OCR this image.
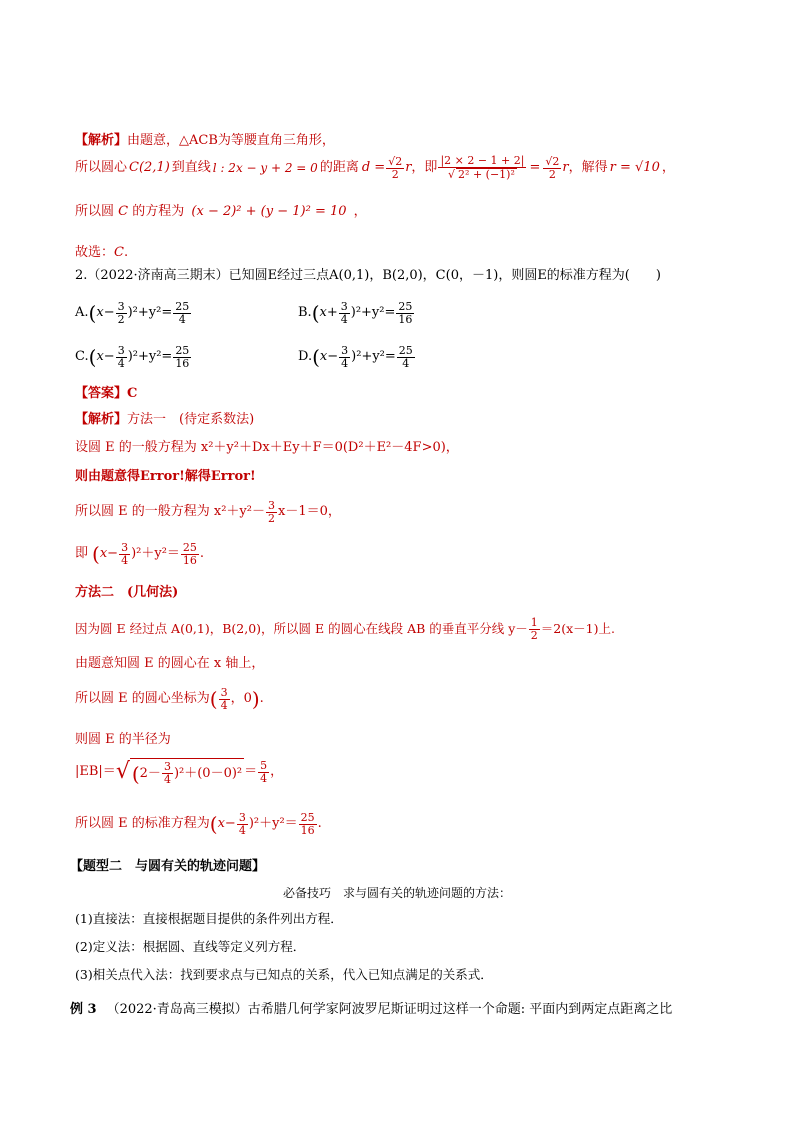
【解析】由题意，△ACB为等腰直角三角形，
所以圆心 C(2,1) 到直线 l : 2x − y + 2 = 0 的距离 $d = \frac{√2}{2}$ r ，即 $\frac{|2 \times 2 - 1 + 2|}{\text{√ 2² + (−1)²}} = \frac{√2}{2}$ r ，解得 r = √10 ，
所以圆 C 的方程为 (x − 2)² + (y − 1)² = 10 ，
故选：C.
2.（2022·济南高三期末）已知圆E经过三点A(0,1)，B(2,0)，C(0，－1)，则圆E的标准方程为(　　)
A. ( $x - \frac{3}{2} )^2+y^2= \frac{25}{4}$	B. ( $x + \frac{3}{4} )^2+y^2= \frac{25}{16}$
C. ( $x - \frac{3}{4} )^2+y^2= \frac{25}{16}$	D. ( $x - \frac{3}{4} )^2+y^2= \frac{25}{4}$
【答案】C
【解析】方法一　(待定系数法)
设圆 E 的一般方程为 x²＋y²＋Dx＋Ey＋F＝0(D²＋E²－4F>0)，
则由题意得Error!解得Error!
所以圆 E 的一般方程为 $x^2+y^2- \frac{3}{2} x-1=0$，
即 ( $x - \frac{3}{4} )^2+y^2= \frac{25}{16}$ .
方法二　(几何法)
因为圆 E 经过点 A(0,1)，B(2,0)，所以圆 E 的圆心在线段 AB 的垂直平分线 $y- \frac{1}{2} =2(x-1)$上.
由题意知圆 E 的圆心在 x 轴上，
所以圆 E 的圆心坐标为 ( $\frac{3}{4}$ ，0 ) .
则圆 E 的半径为
|EB|＝ √ ( $2- \frac{3}{4} )^2+(0-0)^2 = \frac{5}{4}$ ，
所以圆 E 的标准方程为 ( $x - \frac{3}{4} )^2+y^2= \frac{25}{16}$ .
【题型二　与圆有关的轨迹问题】
必备技巧　求与圆有关的轨迹问题的方法：
(1)直接法：直接根据题目提供的条件列出方程．
(2)定义法：根据圆、直线等定义列方程．
(3)相关点代入法：找到要求点与已知点的关系，代入已知点满足的关系式．
例 3 （2022·青岛高三模拟）古希腊几何学家阿波罗尼斯证明过这样一个命题: 平面内到两定点距离之比
